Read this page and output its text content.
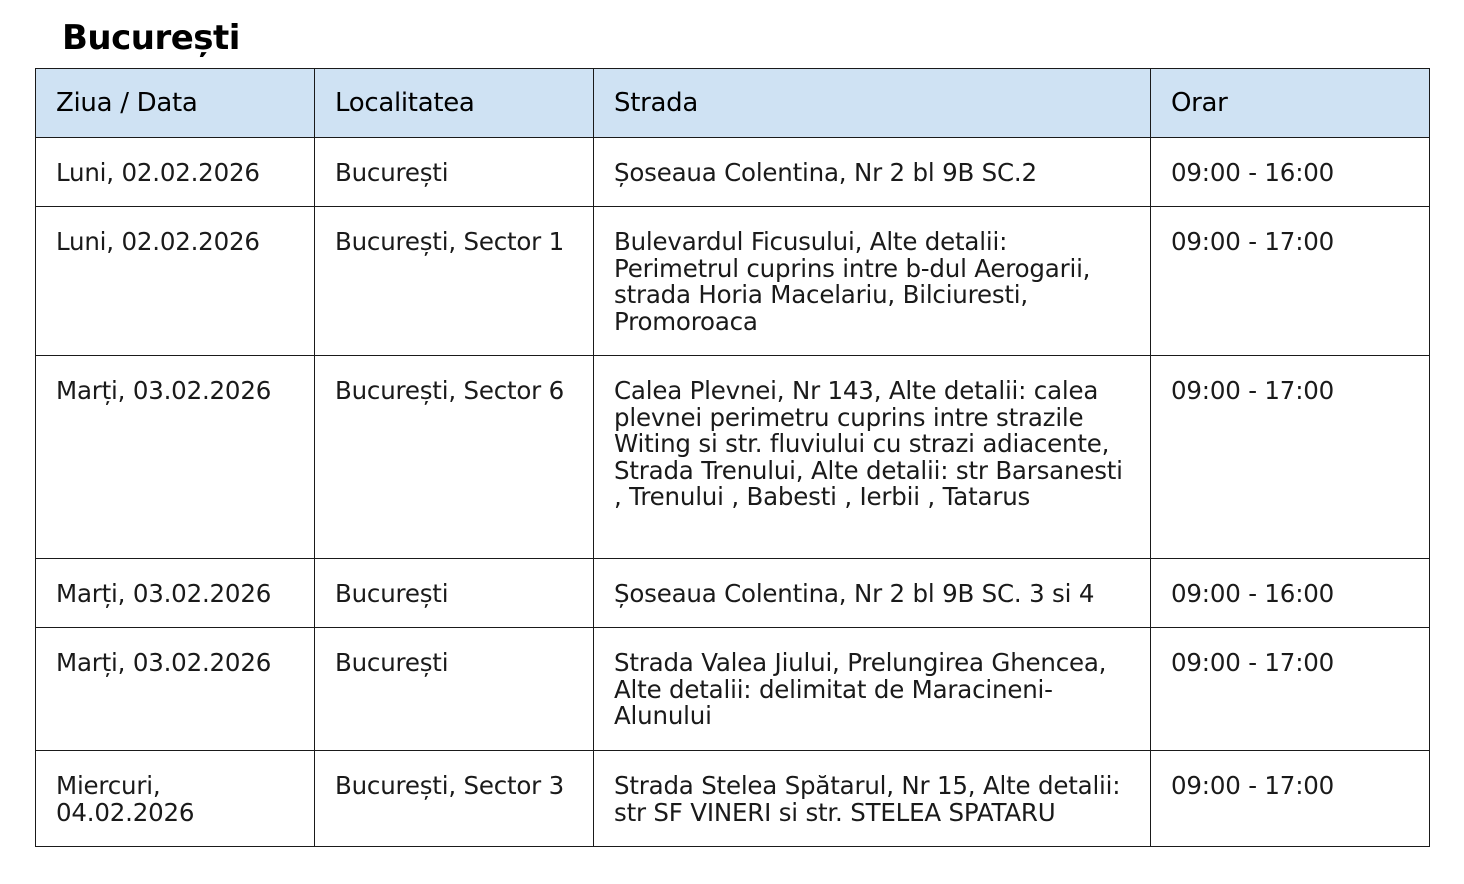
București
Ziua / Data	Localitatea	Strada	Orar
Luni, 02.02.2026	București	Șoseaua Colentina, Nr 2 bl 9B SC.2	09:00 - 16:00
Luni, 02.02.2026	București, Sector 1	Bulevardul Ficusului, Alte detalii: Perimetrul cuprins intre b-dul Aerogarii, strada Horia Macelariu, Bilciuresti, Promoroaca	09:00 - 17:00
Marți, 03.02.2026	București, Sector 6	Calea Plevnei, Nr 143, Alte detalii: calea plevnei perimetru cuprins intre strazile Witing si str. fluviului cu strazi adiacente, Strada Trenului, Alte detalii: str Barsanesti , Trenului , Babesti , Ierbii , Tatarus	09:00 - 17:00
Marți, 03.02.2026	București	Șoseaua Colentina, Nr 2 bl 9B SC. 3 si 4	09:00 - 16:00
Marți, 03.02.2026	București	Strada Valea Jiului, Prelungirea Ghencea, Alte detalii: delimitat de Maracineni-Alunului	09:00 - 17:00
Miercuri, 04.02.2026	București, Sector 3	Strada Stelea Spătarul, Nr 15, Alte detalii: str SF VINERI si str. STELEA SPATARU	09:00 - 17:00
